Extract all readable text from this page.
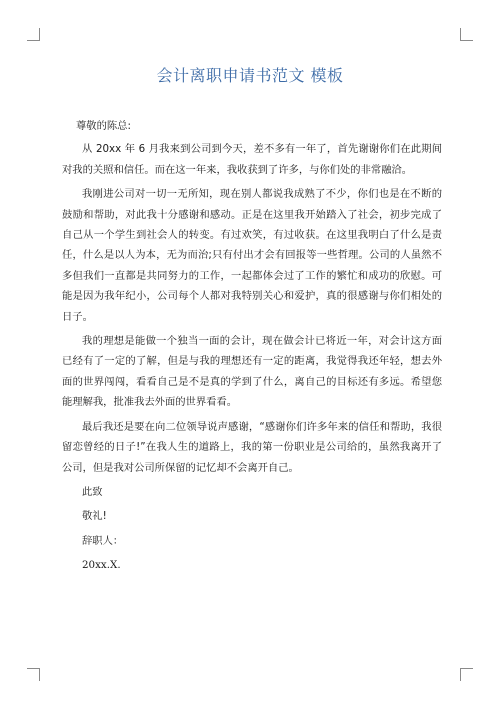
会计离职申请书范文 模板

尊敬的陈总:

从 20xx 年 6 月我来到公司到今天，差不多有一年了，首先谢谢你们在此期间对我的关照和信任。而在这一年来，我收获到了许多，与你们处的非常融洽。

我刚进公司对一切一无所知，现在别人都说我成熟了不少，你们也是在不断的鼓励和帮助，对此我十分感谢和感动。正是在这里我开始踏入了社会，初步完成了自己从一个学生到社会人的转变。有过欢笑，有过收获。在这里我明白了什么是责任，什么是以人为本，无为而治;只有付出才会有回报等一些哲理。公司的人虽然不多但我们一直都是共同努力的工作，一起都体会过了工作的繁忙和成功的欣慰。可能是因为我年纪小，公司每个人都对我特别关心和爱护，真的很感谢与你们相处的日子。

我的理想是能做一个独当一面的会计，现在做会计已将近一年，对会计这方面已经有了一定的了解，但是与我的理想还有一定的距离，我觉得我还年轻，想去外面的世界闯闯，看看自己是不是真的学到了什么，离自己的目标还有多远。希望您能理解我，批准我去外面的世界看看。

最后我还是要在向二位领导说声感谢，“感谢你们许多年来的信任和帮助，我很留恋曾经的日子!”在我人生的道路上，我的第一份职业是公司给的，虽然我离开了公司，但是我对公司所保留的记忆却不会离开自己。

此致

敬礼!

辞职人：

20xx.X.
